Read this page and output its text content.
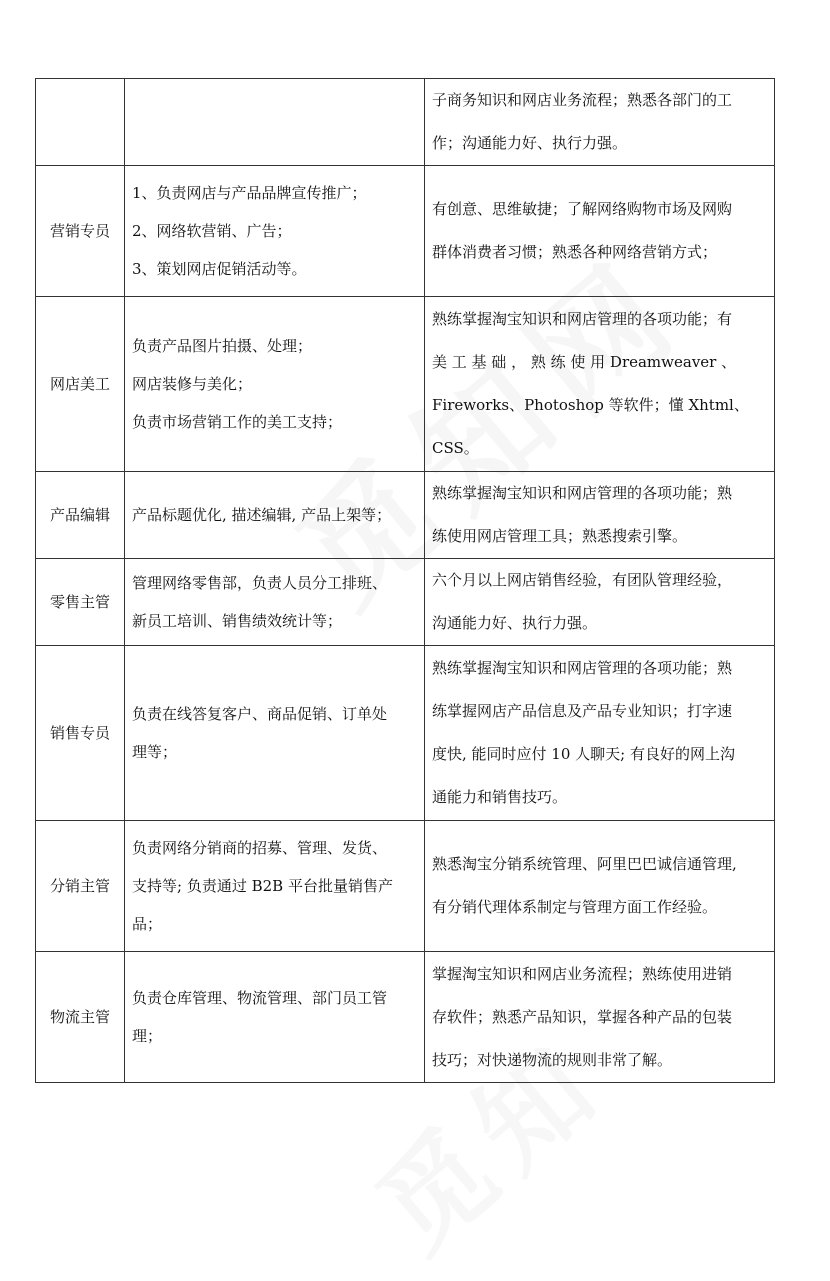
		子商务知识和网店业务流程；熟悉各部门的工
作；沟通能力好、执行力强。

营销专员	1、负责网店与产品品牌宣传推广；
2、网络软营销、广告；
3、策划网店促销活动等。	有创意、思维敏捷；了解网络购物市场及网购
群体消费者习惯；熟悉各种网络营销方式；

网店美工	负责产品图片拍摄、处理；
网店装修与美化；
负责市场营销工作的美工支持；	熟练掌握淘宝知识和网店管理的各项功能；有
美 工 基 础 ， 熟 练 使 用 Dreamweaver 、
Fireworks、Photoshop 等软件；懂 Xhtml、
CSS。

产品编辑	产品标题优化, 描述编辑, 产品上架等；	熟练掌握淘宝知识和网店管理的各项功能；熟
练使用网店管理工具；熟悉搜索引擎。

零售主管	管理网络零售部，负责人员分工排班、
新员工培训、销售绩效统计等；	六个月以上网店销售经验，有团队管理经验，
沟通能力好、执行力强。

销售专员	负责在线答复客户、商品促销、订单处
理等；	熟练掌握淘宝知识和网店管理的各项功能；熟
练掌握网店产品信息及产品专业知识；打字速
度快, 能同时应付 10 人聊天; 有良好的网上沟
通能力和销售技巧。

分销主管	负责网络分销商的招募、管理、发货、
支持等; 负责通过 B2B 平台批量销售产
品；	熟悉淘宝分销系统管理、阿里巴巴诚信通管理,
有分销代理体系制定与管理方面工作经验。

物流主管	负责仓库管理、物流管理、部门员工管
理；	掌握淘宝知识和网店业务流程；熟练使用进销
存软件；熟悉产品知识，掌握各种产品的包装
技巧；对快递物流的规则非常了解。
